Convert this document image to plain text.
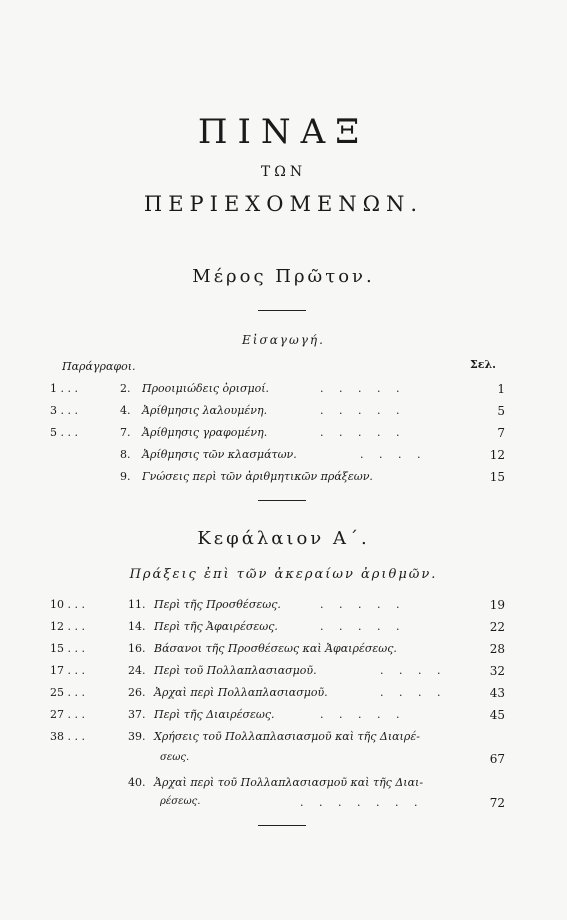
ΠΙΝΑΞ
ΤΩΝ
ΠΕΡΙΕΧΟΜΕΝΩΝ.
Μέρος Πρῶτον.
Εἰσαγωγή.
Παράγραφοι.	Σελ.
1 . . .	2. Προοιμιώδεις ὁρισμοί.	. . . . .	1
3 . . .	4. Ἀρίθμησις λαλουμένη.	. . . . .	5
5 . . .	7. Ἀρίθμησις γραφομένη.	. . . . .	7
8. Ἀρίθμησις τῶν κλασμάτων.	. . . .	12
9. Γνώσεις περὶ τῶν ἀριθμητικῶν πράξεων.	15
Κεφάλαιον Α΄.
Πράξεις ἐπὶ τῶν ἀκεραίων ἀριθμῶν.
10 . . .	11. Περὶ τῆς Προσθέσεως.	. . . . .	19
12 . . .	14. Περὶ τῆς Ἀφαιρέσεως.	. . . . .	22
15 . . .	16. Βάσανοι τῆς Προσθέσεως καὶ Ἀφαιρέσεως.	28
17 . . .	24. Περὶ τοῦ Πολλαπλασιασμοῦ.	. . . .	32
25 . . .	26. Ἀρχαὶ περὶ Πολλαπλασιασμοῦ.	. . . .	43
27 . . .	37. Περὶ τῆς Διαιρέσεως.	. . . . .	45
38 . . .	39. Χρήσεις τοῦ Πολλαπλασιασμοῦ καὶ τῆς Διαιρέ-
σεως.	67
40. Ἀρχαὶ περὶ τοῦ Πολλαπλασιασμοῦ καὶ τῆς Διαι-
ρέσεως.	. . . . . . .	72
